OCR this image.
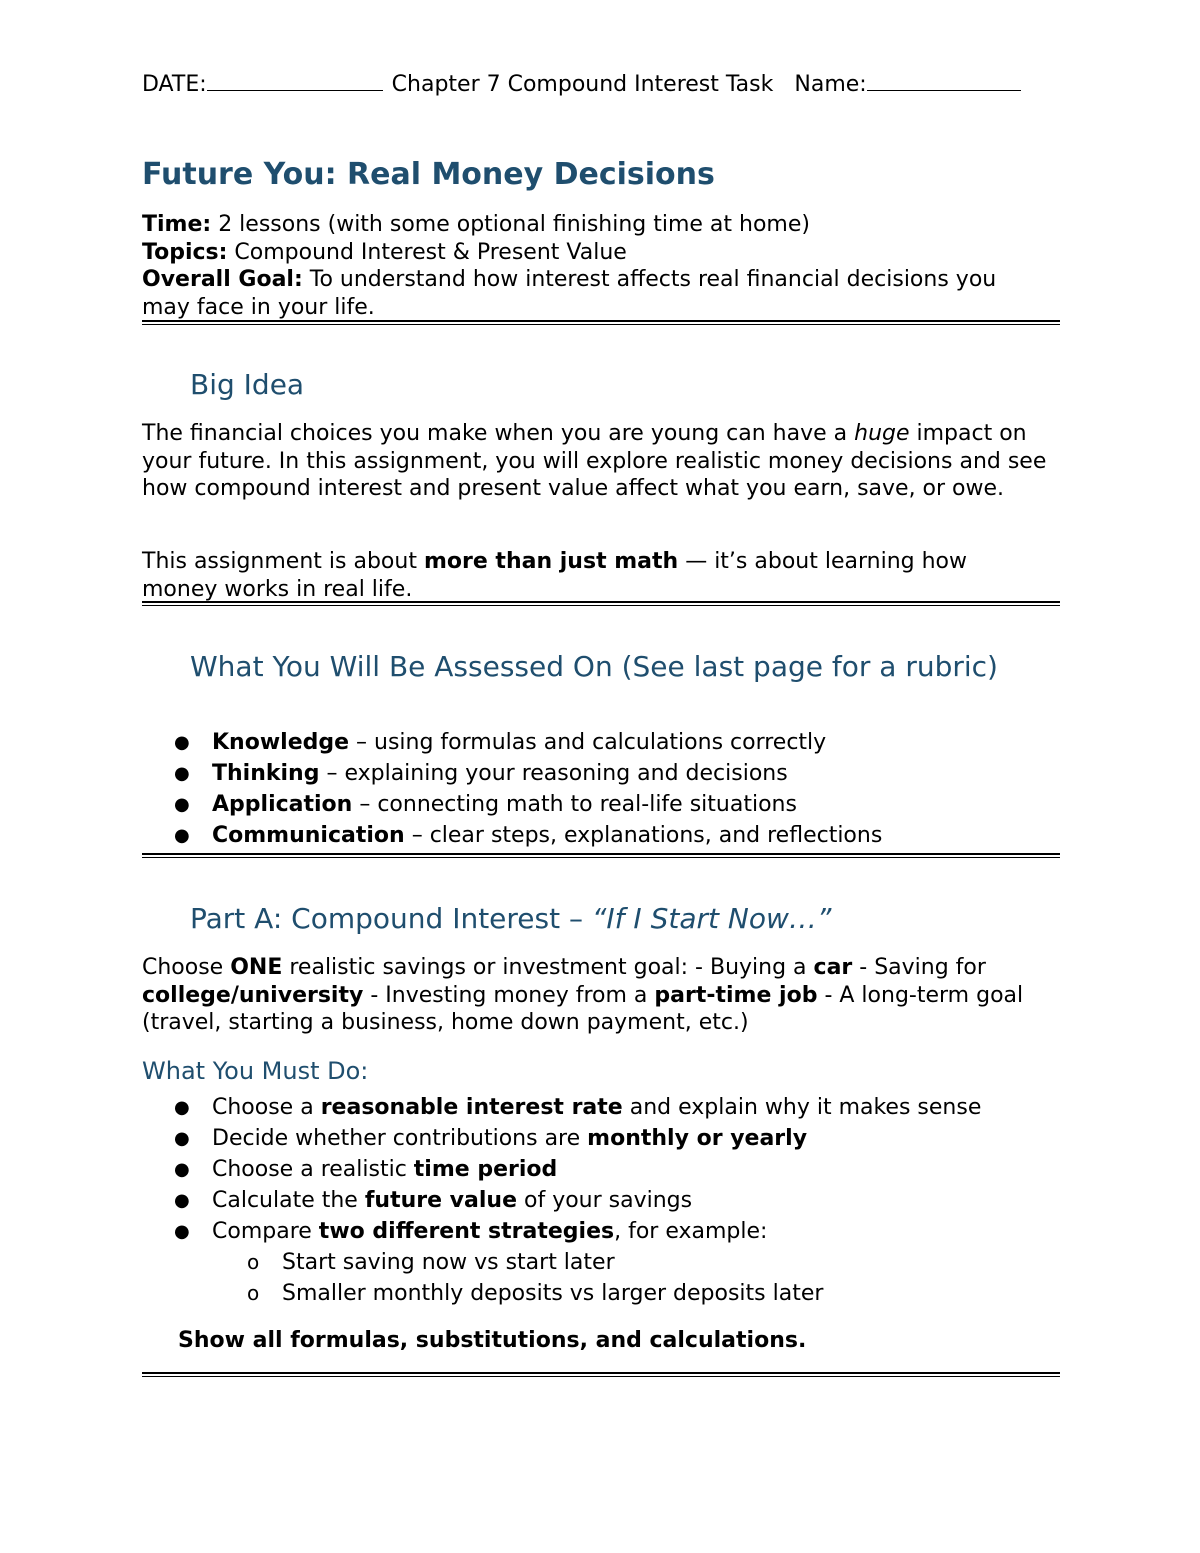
DATE:	Chapter 7 Compound Interest Task Name:
Future You: Real Money Decisions
Time: 2 lessons (with some optional finishing time at home)
Topics: Compound Interest & Present Value
Overall Goal: To understand how interest affects real financial decisions you may face in your life.
Big Idea
The financial choices you make when you are young can have a huge impact on your future. In this assignment, you will explore realistic money decisions and see how compound interest and present value affect what you earn, save, or owe.
This assignment is about more than just math — it’s about learning how money works in real life.
What You Will Be Assessed On (See last page for a rubric)
● Knowledge – using formulas and calculations correctly
● Thinking – explaining your reasoning and decisions
● Application – connecting math to real-life situations
● Communication – clear steps, explanations, and reflections
Part A: Compound Interest – “If I Start Now…”
Choose ONE realistic savings or investment goal: - Buying a car - Saving for college/university - Investing money from a part-time job - A long-term goal (travel, starting a business, home down payment, etc.)
What You Must Do:
● Choose a reasonable interest rate and explain why it makes sense
● Decide whether contributions are monthly or yearly
● Choose a realistic time period
● Calculate the future value of your savings
● Compare two different strategies, for example:
o Start saving now vs start later
o Smaller monthly deposits vs larger deposits later
Show all formulas, substitutions, and calculations.
